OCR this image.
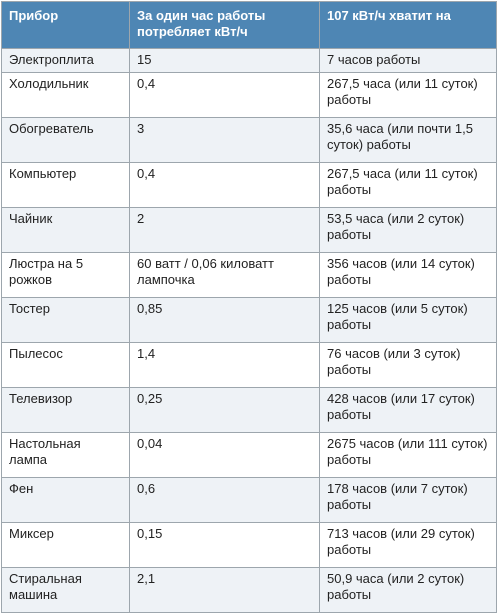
Прибор	За один час работы потребляет кВт/ч	107 кВт/ч хватит на
Электроплита	15	7 часов работы
Холодильник	0,4	267,5 часа (или 11 суток) работы
Обогреватель	3	35,6 часа (или почти 1,5 суток) работы
Компьютер	0,4	267,5 часа (или 11 суток) работы
Чайник	2	53,5 часа (или 2 суток) работы
Люстра на 5 рожков	60 ватт / 0,06 киловатт лампочка	356 часов (или 14 суток) работы
Тостер	0,85	125 часов (или 5 суток) работы
Пылесос	1,4	76 часов (или 3 суток) работы
Телевизор	0,25	428 часов (или 17 суток) работы
Настольная лампа	0,04	2675 часов (или 111 суток) работы
Фен	0,6	178 часов (или 7 суток) работы
Миксер	0,15	713 часов (или 29 суток) работы
Стиральная машина	2,1	50,9 часа (или 2 суток) работы
